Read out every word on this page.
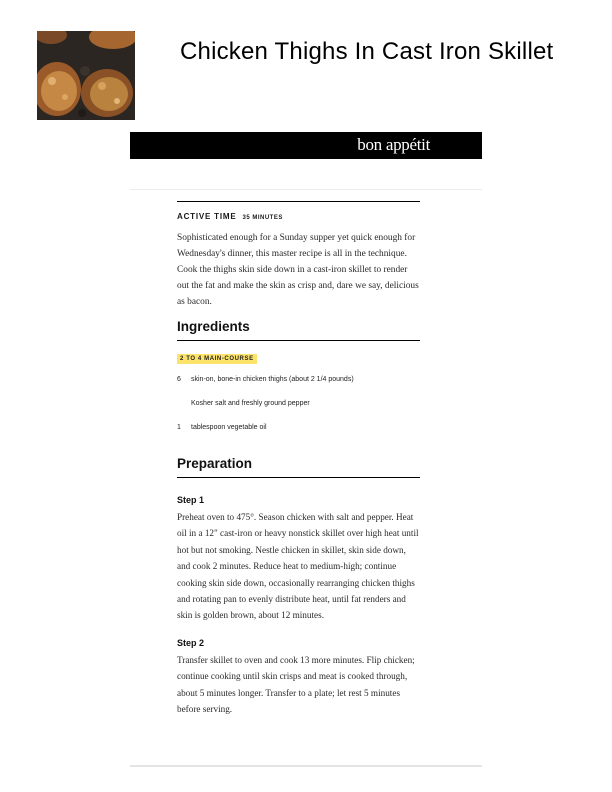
Chicken Thighs In Cast Iron Skillet
bon appétit
ACTIVE TIME 35 MINUTES

Sophisticated enough for a Sunday supper yet quick enough for Wednesday's dinner, this master recipe is all in the technique. Cook the thighs skin side down in a cast-iron skillet to render out the fat and make the skin as crisp and, dare we say, delicious as bacon.

Ingredients
2 TO 4 MAIN-COURSE
6	skin-on, bone-in chicken thighs (about 2 1/4 pounds)
Kosher salt and freshly ground pepper
1	tablespoon vegetable oil
Preparation
Step 1
Preheat oven to 475°. Season chicken with salt and pepper. Heat oil in a 12" cast-iron or heavy nonstick skillet over high heat until hot but not smoking. Nestle chicken in skillet, skin side down, and cook 2 minutes. Reduce heat to medium-high; continue cooking skin side down, occasionally rearranging chicken thighs and rotating pan to evenly distribute heat, until fat renders and skin is golden brown, about 12 minutes.
Step 2
Transfer skillet to oven and cook 13 more minutes. Flip chicken; continue cooking until skin crisps and meat is cooked through, about 5 minutes longer. Transfer to a plate; let rest 5 minutes before serving.
